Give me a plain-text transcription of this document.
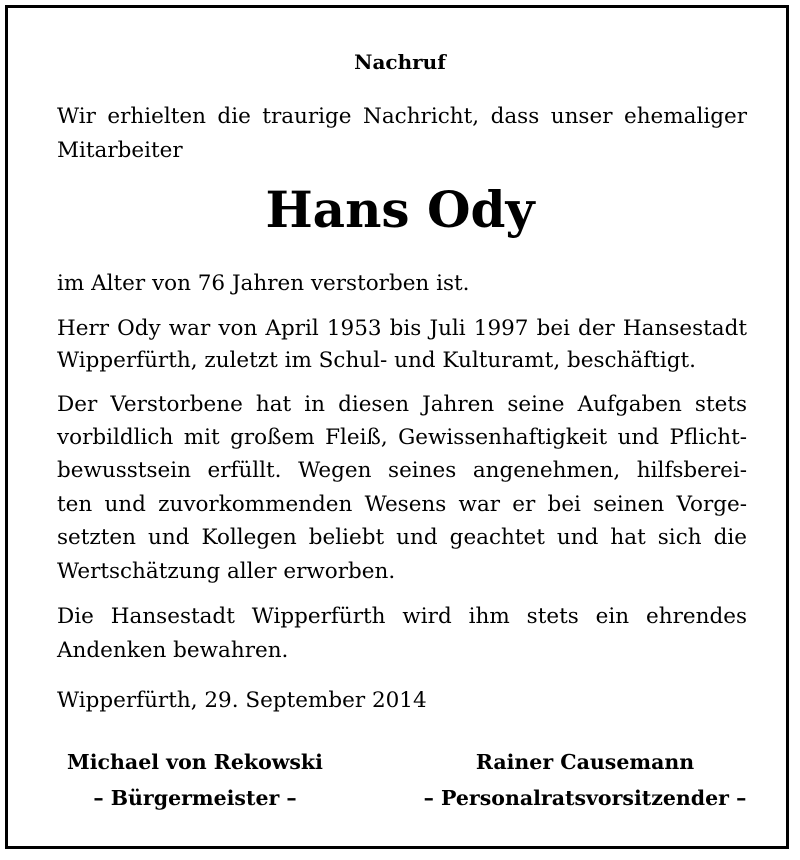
Nachruf
Wir erhielten die traurige Nachricht, dass unser ehemaliger
Mitarbeiter
Hans Ody
im Alter von 76 Jahren verstorben ist.
Herr Ody war von April 1953 bis Juli 1997 bei der Hansestadt
Wipperfürth, zuletzt im Schul- und Kulturamt, beschäftigt.
Der Verstorbene hat in diesen Jahren seine Aufgaben stets
vorbildlich mit großem Fleiß, Gewissenhaftigkeit und Pflicht-
bewusstsein erfüllt. Wegen seines angenehmen, hilfsberei-
ten und zuvorkommenden Wesens war er bei seinen Vorge-
setzten und Kollegen beliebt und geachtet und hat sich die
Wertschätzung aller erworben.
Die Hansestadt Wipperfürth wird ihm stets ein ehrendes
Andenken bewahren.
Wipperfürth, 29. September 2014
Michael von Rekowski
– Bürgermeister –
Rainer Causemann
– Personalratsvorsitzender –
